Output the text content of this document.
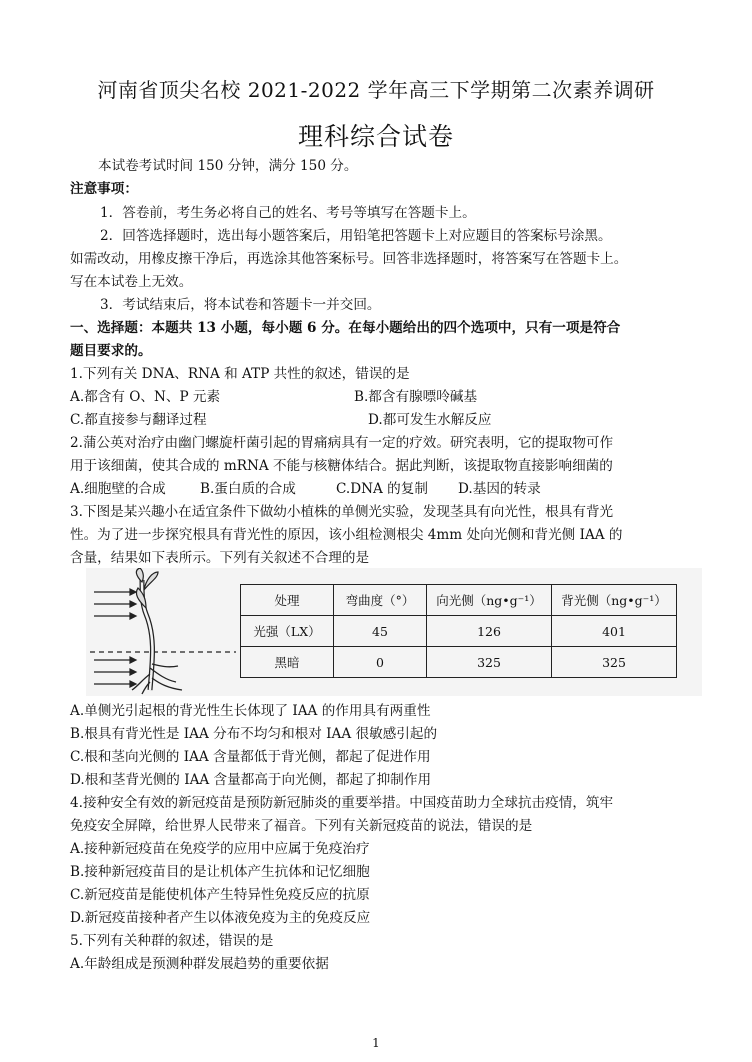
河南省顶尖名校 2021-2022 学年高三下学期第二次素养调研
理科综合试卷
本试卷考试时间 150 分钟，满分 150 分。
注意事项：
1．答卷前，考生务必将自己的姓名、考号等填写在答题卡上。
2．回答选择题时，选出每小题答案后，用铅笔把答题卡上对应题目的答案标号涂黑。
如需改动，用橡皮擦干净后，再选涂其他答案标号。回答非选择题时，将答案写在答题卡上。
写在本试卷上无效。
3．考试结束后，将本试卷和答题卡一并交回。
一、选择题：本题共 13 小题，每小题 6 分。在每小题给出的四个选项中，只有一项是符合
题目要求的。
1.下列有关 DNA、RNA 和 ATP 共性的叙述，错误的是
A.都含有 O、N、P 元素	B.都含有腺嘌呤碱基
C.都直接参与翻译过程	D.都可发生水解反应
2.蒲公英对治疗由幽门螺旋杆菌引起的胃痛病具有一定的疗效。研究表明，它的提取物可作
用于该细菌，使其合成的 mRNA 不能与核糖体结合。据此判断，该提取物直接影响细菌的
A.细胞壁的合成	B.蛋白质的合成	C.DNA 的复制 D.基因的转录
3.下图是某兴趣小在适宜条件下做幼小植株的单侧光实验，发现茎具有向光性，根具有背光
性。为了进一步探究根具有背光性的原因，该小组检测根尖 4mm 处向光侧和背光侧 IAA 的
含量，结果如下表所示。下列有关叙述不合理的是
处理	弯曲度（°）	向光侧（ng•g⁻¹）	背光侧（ng•g⁻¹）
光强（LX）	45	126	401
黑暗	0	325	325
A.单侧光引起根的背光性生长体现了 IAA 的作用具有两重性
B.根具有背光性是 IAA 分布不均匀和根对 IAA 很敏感引起的
C.根和茎向光侧的 IAA 含量都低于背光侧，都起了促进作用
D.根和茎背光侧的 IAA 含量都高于向光侧，都起了抑制作用
4.接种安全有效的新冠疫苗是预防新冠肺炎的重要举措。中国疫苗助力全球抗击疫情，筑牢
免疫安全屏障，给世界人民带来了福音。下列有关新冠疫苗的说法，错误的是
A.接种新冠疫苗在免疫学的应用中应属于免疫治疗
B.接种新冠疫苗目的是让机体产生抗体和记忆细胞
C.新冠疫苗是能使机体产生特异性免疫反应的抗原
D.新冠疫苗接种者产生以体液免疫为主的免疫反应
5.下列有关种群的叙述，错误的是
A.年龄组成是预测种群发展趋势的重要依据
1
